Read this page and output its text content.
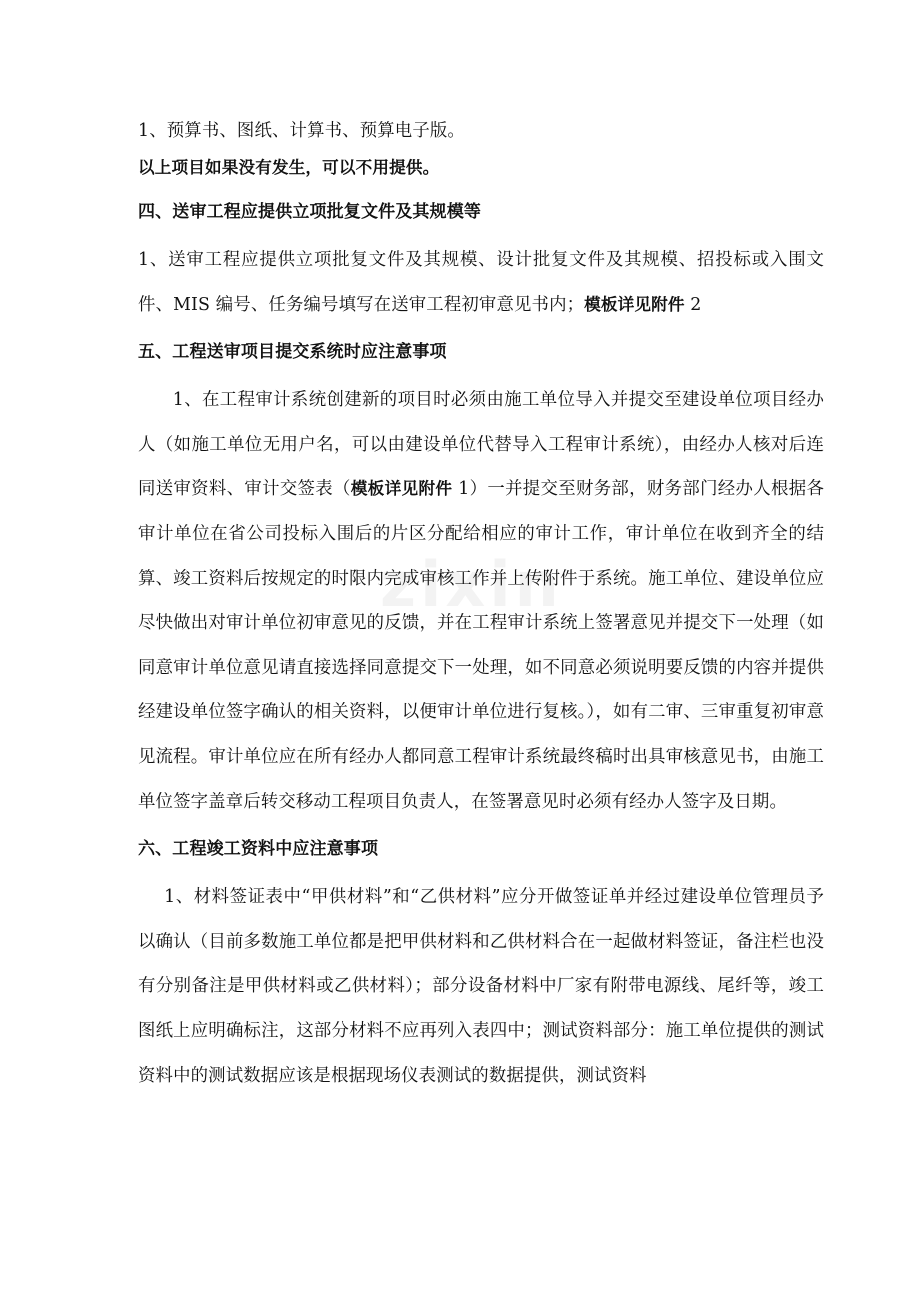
zixin

1、预算书、图纸、计算书、预算电子版。

以上项目如果没有发生，可以不用提供。

四、送审工程应提供立项批复文件及其规模等

1、送审工程应提供立项批复文件及其规模、设计批复文件及其规模、招投标或入围文件、MIS 编号、任务编号填写在送审工程初审意见书内；模板详见附件 2

五、工程送审项目提交系统时应注意事项

1、在工程审计系统创建新的项目时必须由施工单位导入并提交至建设单位项目经办人（如施工单位无用户名，可以由建设单位代替导入工程审计系统），由经办人核对后连同送审资料、审计交签表（模板详见附件 1）一并提交至财务部，财务部门经办人根据各审计单位在省公司投标入围后的片区分配给相应的审计工作，审计单位在收到齐全的结算、竣工资料后按规定的时限内完成审核工作并上传附件于系统。施工单位、建设单位应尽快做出对审计单位初审意见的反馈，并在工程审计系统上签署意见并提交下一处理（如同意审计单位意见请直接选择同意提交下一处理，如不同意必须说明要反馈的内容并提供经建设单位签字确认的相关资料，以便审计单位进行复核。），如有二审、三审重复初审意见流程。审计单位应在所有经办人都同意工程审计系统最终稿时出具审核意见书，由施工单位签字盖章后转交移动工程项目负责人，在签署意见时必须有经办人签字及日期。

六、工程竣工资料中应注意事项

1、材料签证表中“甲供材料”和“乙供材料”应分开做签证单并经过建设单位管理员予以确认（目前多数施工单位都是把甲供材料和乙供材料合在一起做材料签证，备注栏也没有分别备注是甲供材料或乙供材料）；部分设备材料中厂家有附带电源线、尾纤等，竣工图纸上应明确标注，这部分材料不应再列入表四中；测试资料部分：施工单位提供的测试资料中的测试数据应该是根据现场仪表测试的数据提供，测试资料
